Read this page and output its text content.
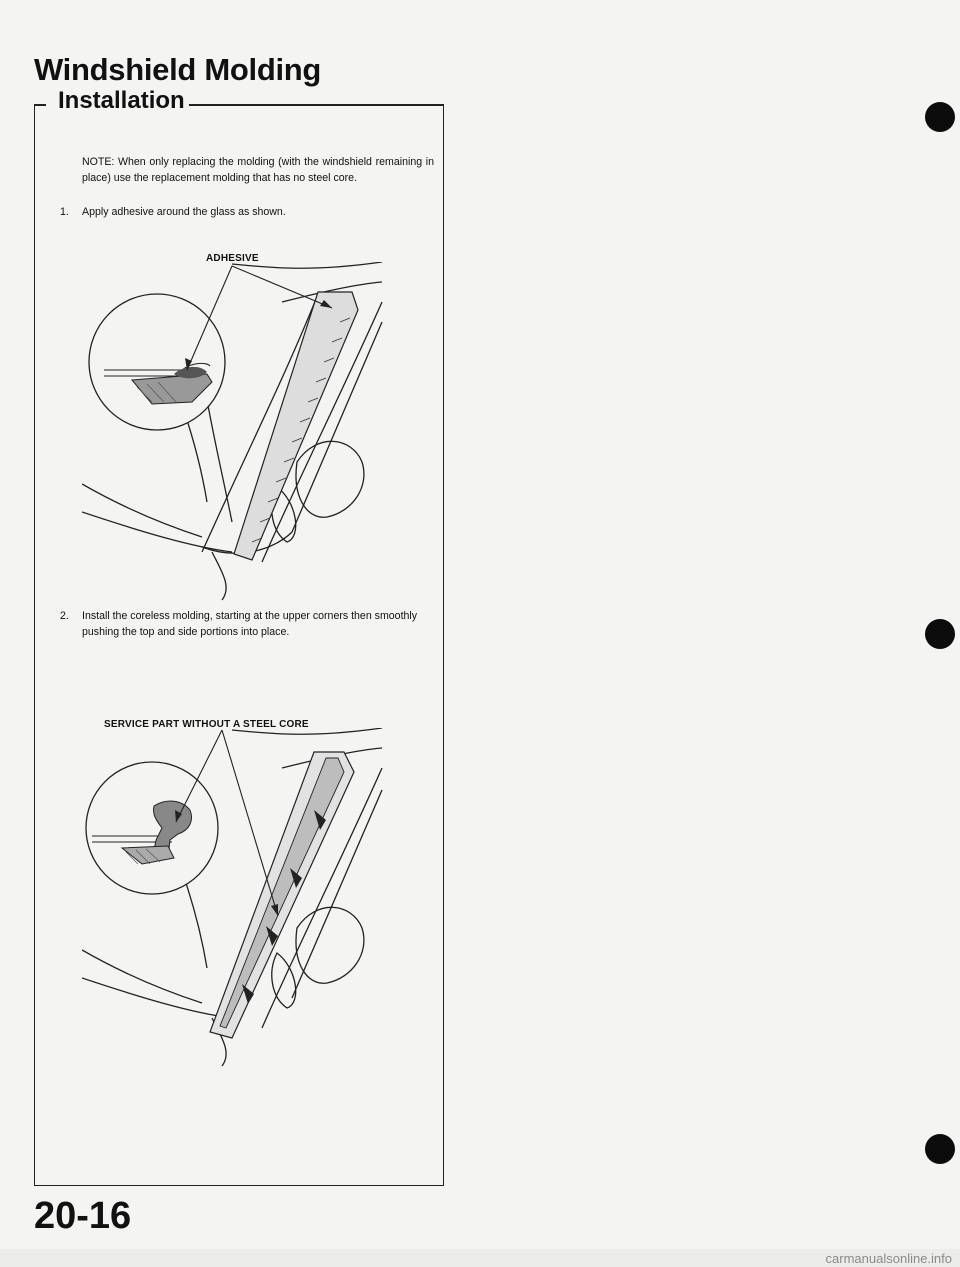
Windshield Molding
Installation

NOTE: When only replacing the molding (with the windshield remaining in place) use the replacement molding that has no steel core.

1. Apply adhesive around the glass as shown.
ADHESIVE
2. Install the coreless molding, starting at the upper corners then smoothly pushing the top and side portions into place.
SERVICE PART WITHOUT A STEEL CORE
20-16
carmanualsonline.info
